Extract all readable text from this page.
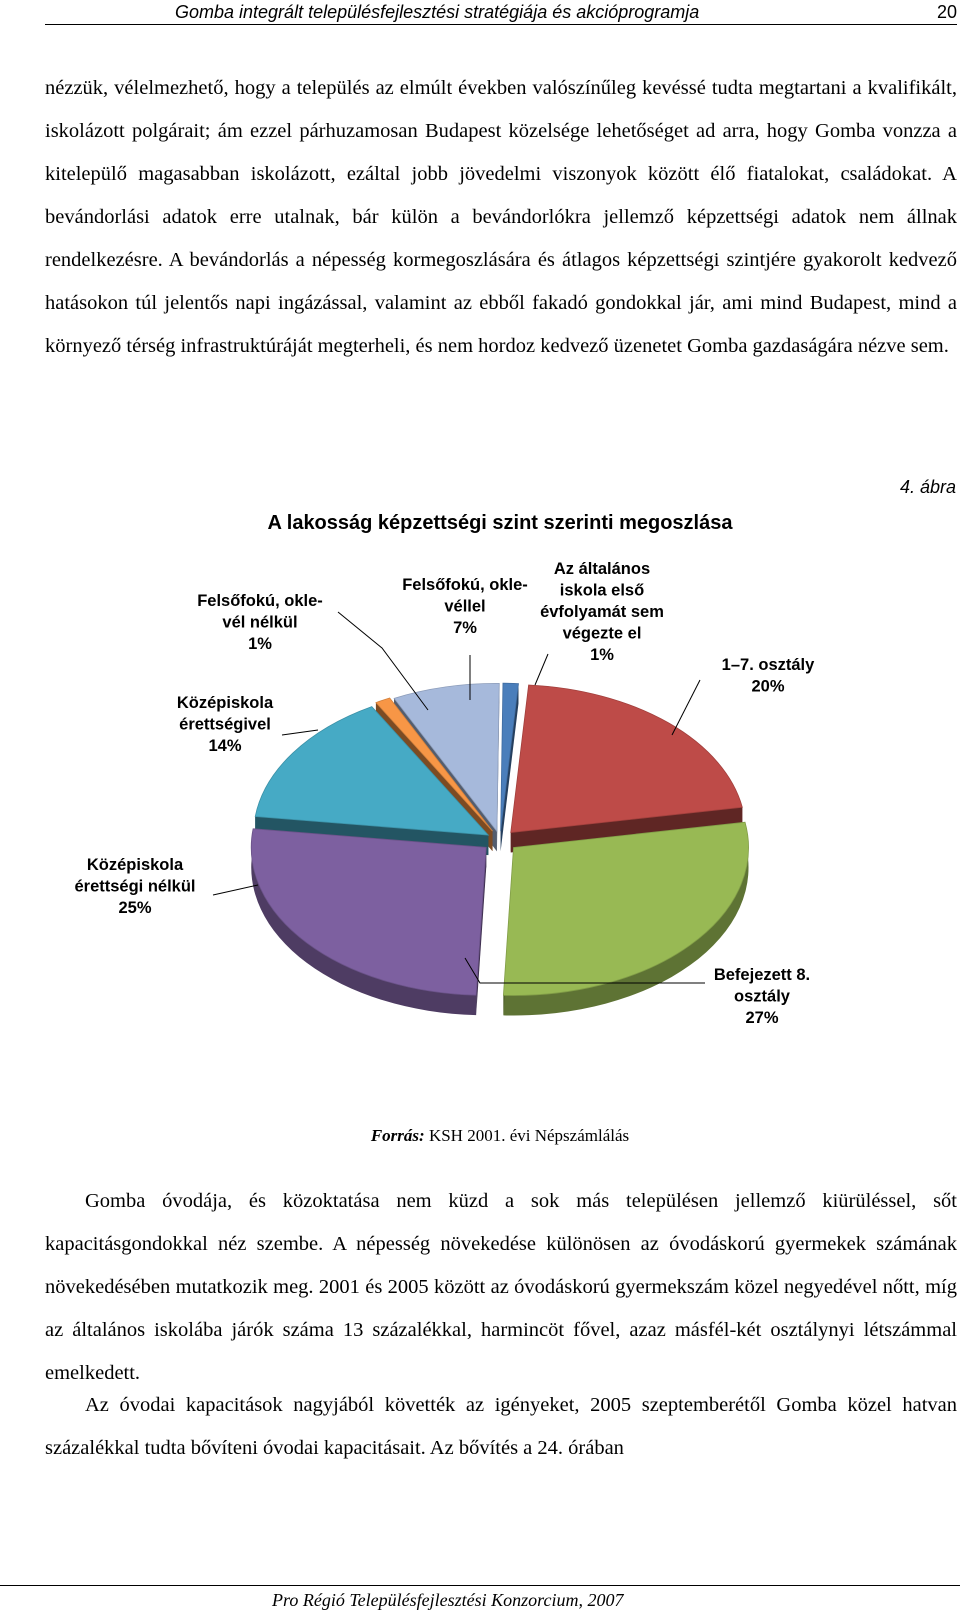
Gomba integrált településfejlesztési stratégiája és akcióprogramja	20

nézzük, vélelmezhető, hogy a település az elmúlt években valószínűleg kevéssé tudta megtartani a kvalifikált, iskolázott polgárait; ám ezzel párhuzamosan Budapest közelsége lehetőséget ad arra, hogy Gomba vonzza a kitelepülő magasabban iskolázott, ezáltal jobb jövedelmi viszonyok között élő fiatalokat, családokat. A bevándorlási adatok erre utalnak, bár külön a bevándorlókra jellemző képzettségi adatok nem állnak rendelkezésre. A bevándorlás a népesség kormegoszlására és átlagos képzettségi szintjére gyakorolt kedvező hatásokon túl jelentős napi ingázással, valamint az ebből fakadó gondokkal jár, ami mind Budapest, mind a környező térség infrastruktúráját megterheli, és nem hordoz kedvező üzenetet Gomba gazdaságára nézve sem.

4. ábra
A lakosság képzettségi szint szerinti megoszlása
Az általános iskola első évfolyamát sem végezte el 1%
1–7. osztály 20%
Befejezett 8. osztály 27%
Középiskola érettségi nélkül 25%
Középiskola érettségivel 14%
Felsőfokú, okle-vél nélkül 1%
Felsőfokú, okle-véllel 7%
Forrás: KSH 2001. évi Népszámlálás

Gomba óvodája, és közoktatása nem küzd a sok más településen jellemző kiürüléssel, sőt kapacitásgondokkal néz szembe. A népesség növekedése különösen az óvodáskorú gyermekek számának növekedésében mutatkozik meg. 2001 és 2005 között az óvodáskorú gyermekszám közel negyedével nőtt, míg az általános iskolába járók száma 13 százalékkal, harmincöt fővel, azaz másfél-két osztálynyi létszámmal emelkedett.

Az óvodai kapacitások nagyjából követték az igényeket, 2005 szeptemberétől Gomba közel hatvan százalékkal tudta bővíteni óvodai kapacitásait. Az bővítés a 24. órában

Pro Régió Településfejlesztési Konzorcium, 2007
